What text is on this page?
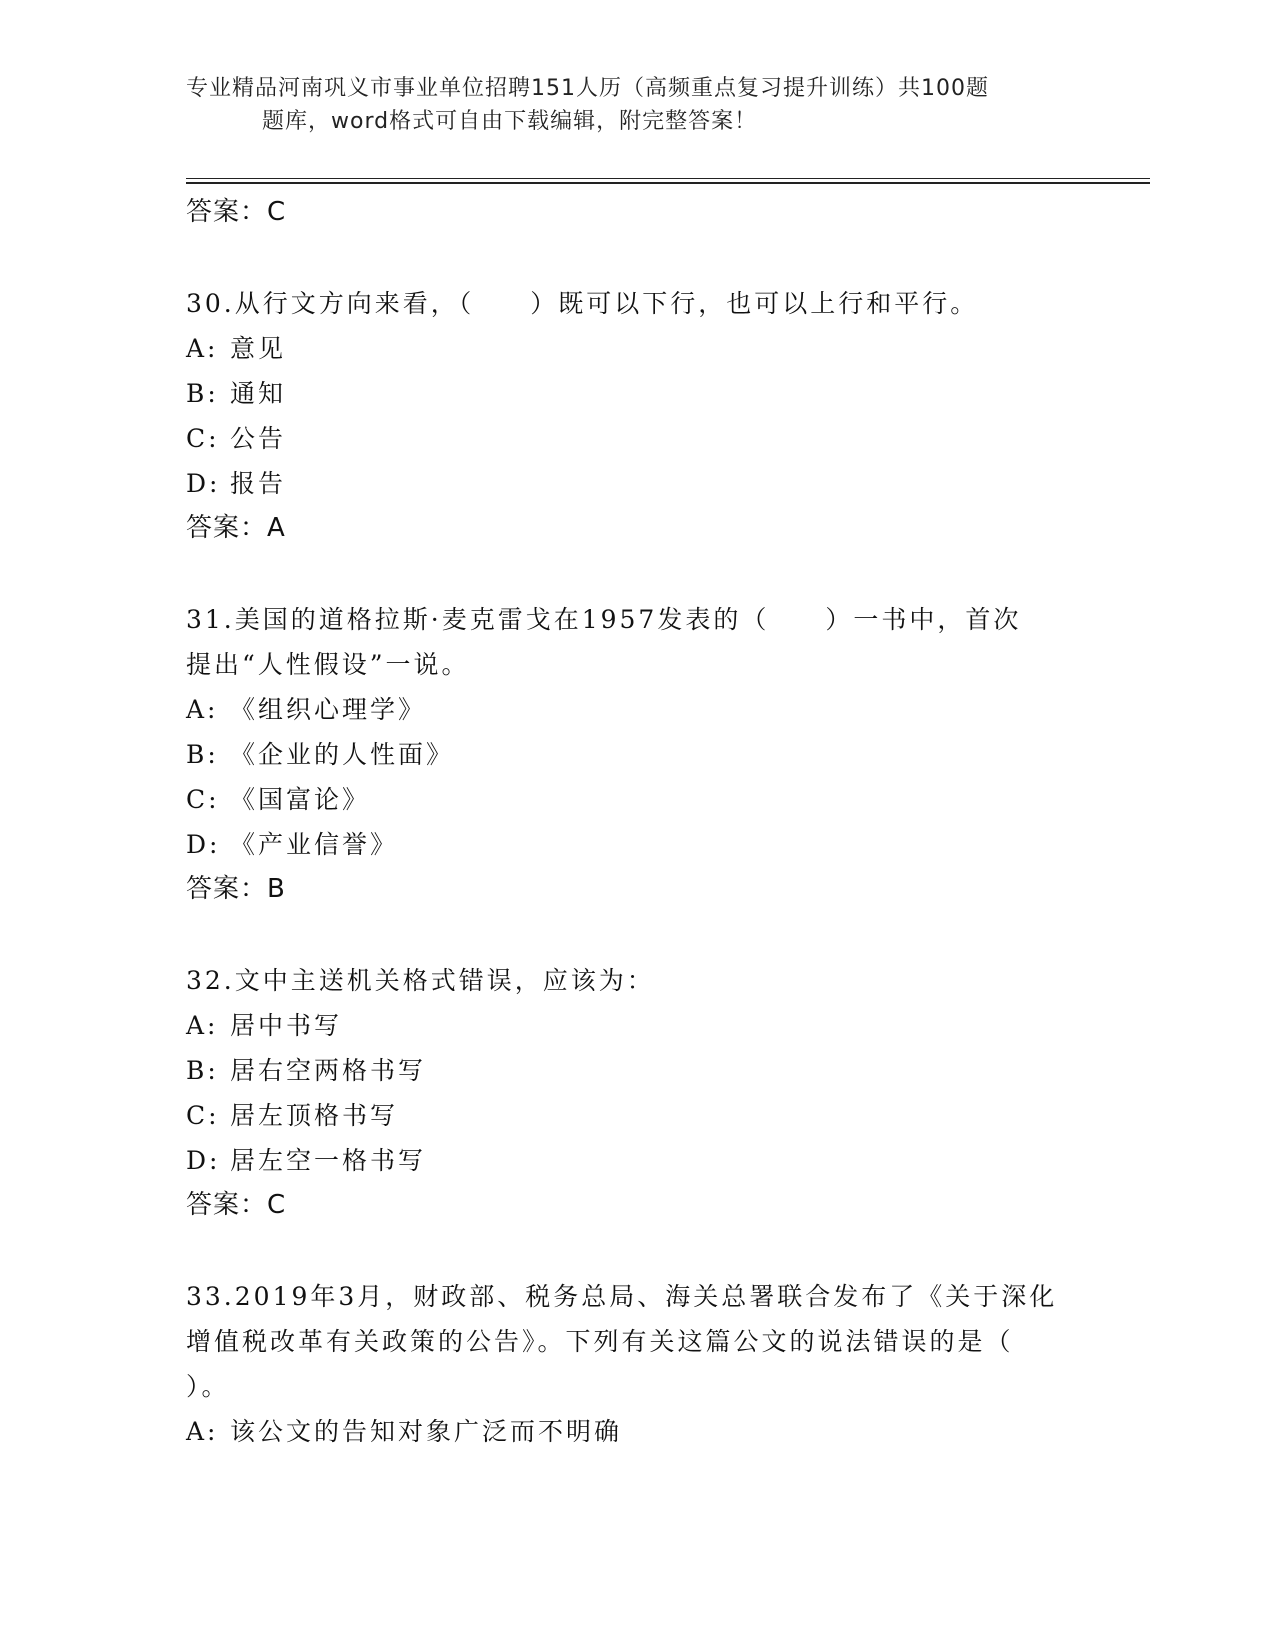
专业精品河南巩义市事业单位招聘151人历（高频重点复习提升训练）共100题
题库，word格式可自由下载编辑，附完整答案！
答案：C
30.从行文方向来看，（　　）既可以下行，也可以上行和平行。
A: 意见
B: 通知
C: 公告
D: 报告
答案：A
31.美国的道格拉斯·麦克雷戈在1957发表的（　　）一书中，首次
提出“人性假设”一说。
A: 《组织心理学》
B: 《企业的人性面》
C: 《国富论》
D: 《产业信誉》
答案：B
32.文中主送机关格式错误，应该为：
A: 居中书写
B: 居右空两格书写
C: 居左顶格书写
D: 居左空一格书写
答案：C
33.2019年3月，财政部、税务总局、海关总署联合发布了《关于深化
增值税改革有关政策的公告》。下列有关这篇公文的说法错误的是（
）。
A: 该公文的告知对象广泛而不明确
